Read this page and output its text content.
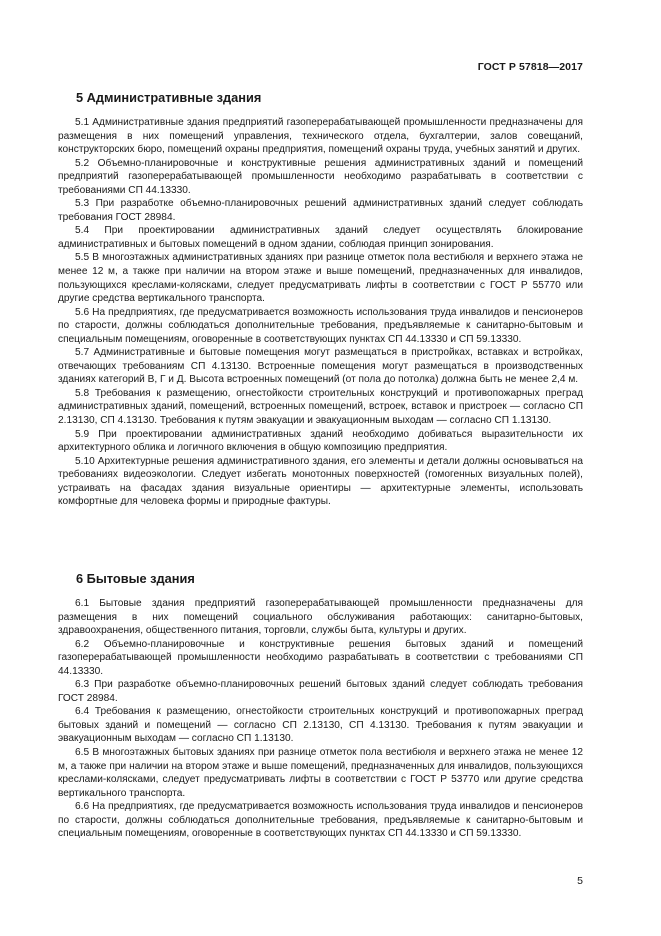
ГОСТ Р 57818—2017
5 Административные здания

5.1 Административные здания предприятий газоперерабатывающей промышленности предназначены для размещения в них помещений управления, технического отдела, бухгалтерии, залов совещаний, конструкторских бюро, помещений охраны предприятия, помещений охраны труда, учебных занятий и других.

5.2 Объемно-планировочные и конструктивные решения административных зданий и помещений предприятий газоперерабатывающей промышленности необходимо разрабатывать в соответствии с требованиями СП 44.13330.

5.3 При разработке объемно-планировочных решений административных зданий следует соблюдать требования ГОСТ 28984.

5.4 При проектировании административных зданий следует осуществлять блокирование административных и бытовых помещений в одном здании, соблюдая принцип зонирования.

5.5 В многоэтажных административных зданиях при разнице отметок пола вестибюля и верхнего этажа не менее 12 м, а также при наличии на втором этаже и выше помещений, предназначенных для инвалидов, пользующихся креслами-колясками, следует предусматривать лифты в соответствии с ГОСТ Р 55770 или другие средства вертикального транспорта.

5.6 На предприятиях, где предусматривается возможность использования труда инвалидов и пенсионеров по старости, должны соблюдаться дополнительные требования, предъявляемые к санитарно-бытовым и специальным помещениям, оговоренные в соответствующих пунктах СП 44.13330 и СП 59.13330.

5.7 Административные и бытовые помещения могут размещаться в пристройках, вставках и встройках, отвечающих требованиям СП 4.13130. Встроенные помещения могут размещаться в производственных зданиях категорий В, Г и Д. Высота встроенных помещений (от пола до потолка) должна быть не менее 2,4 м.

5.8 Требования к размещению, огнестойкости строительных конструкций и противопожарных преград административных зданий, помещений, встроенных помещений, встроек, вставок и пристроек — согласно СП 2.13130, СП 4.13130. Требования к путям эвакуации и эвакуационным выходам — согласно СП 1.13130.

5.9 При проектировании административных зданий необходимо добиваться выразительности их архитектурного облика и логичного включения в общую композицию предприятия.

5.10 Архитектурные решения административного здания, его элементы и детали должны основываться на требованиях видеоэкологии. Следует избегать монотонных поверхностей (гомогенных визуальных полей), устраивать на фасадах здания визуальные ориентиры — архитектурные элементы, использовать комфортные для человека формы и природные фактуры.

6 Бытовые здания

6.1 Бытовые здания предприятий газоперерабатывающей промышленности предназначены для размещения в них помещений социального обслуживания работающих: санитарно-бытовых, здравоохранения, общественного питания, торговли, службы быта, культуры и других.

6.2 Объемно-планировочные и конструктивные решения бытовых зданий и помещений газоперерабатывающей промышленности необходимо разрабатывать в соответствии с требованиями СП 44.13330.

6.3 При разработке объемно-планировочных решений бытовых зданий следует соблюдать требования ГОСТ 28984.

6.4 Требования к размещению, огнестойкости строительных конструкций и противопожарных преград бытовых зданий и помещений — согласно СП 2.13130, СП 4.13130. Требования к путям эвакуации и эвакуационным выходам — согласно СП 1.13130.

6.5 В многоэтажных бытовых зданиях при разнице отметок пола вестибюля и верхнего этажа не менее 12 м, а также при наличии на втором этаже и выше помещений, предназначенных для инвалидов, пользующихся креслами-колясками, следует предусматривать лифты в соответствии с ГОСТ Р 53770 или другие средства вертикального транспорта.

6.6 На предприятиях, где предусматривается возможность использования труда инвалидов и пенсионеров по старости, должны соблюдаться дополнительные требования, предъявляемые к санитарно-бытовым и специальным помещениям, оговоренные в соответствующих пунктах СП 44.13330 и СП 59.13330.

5
